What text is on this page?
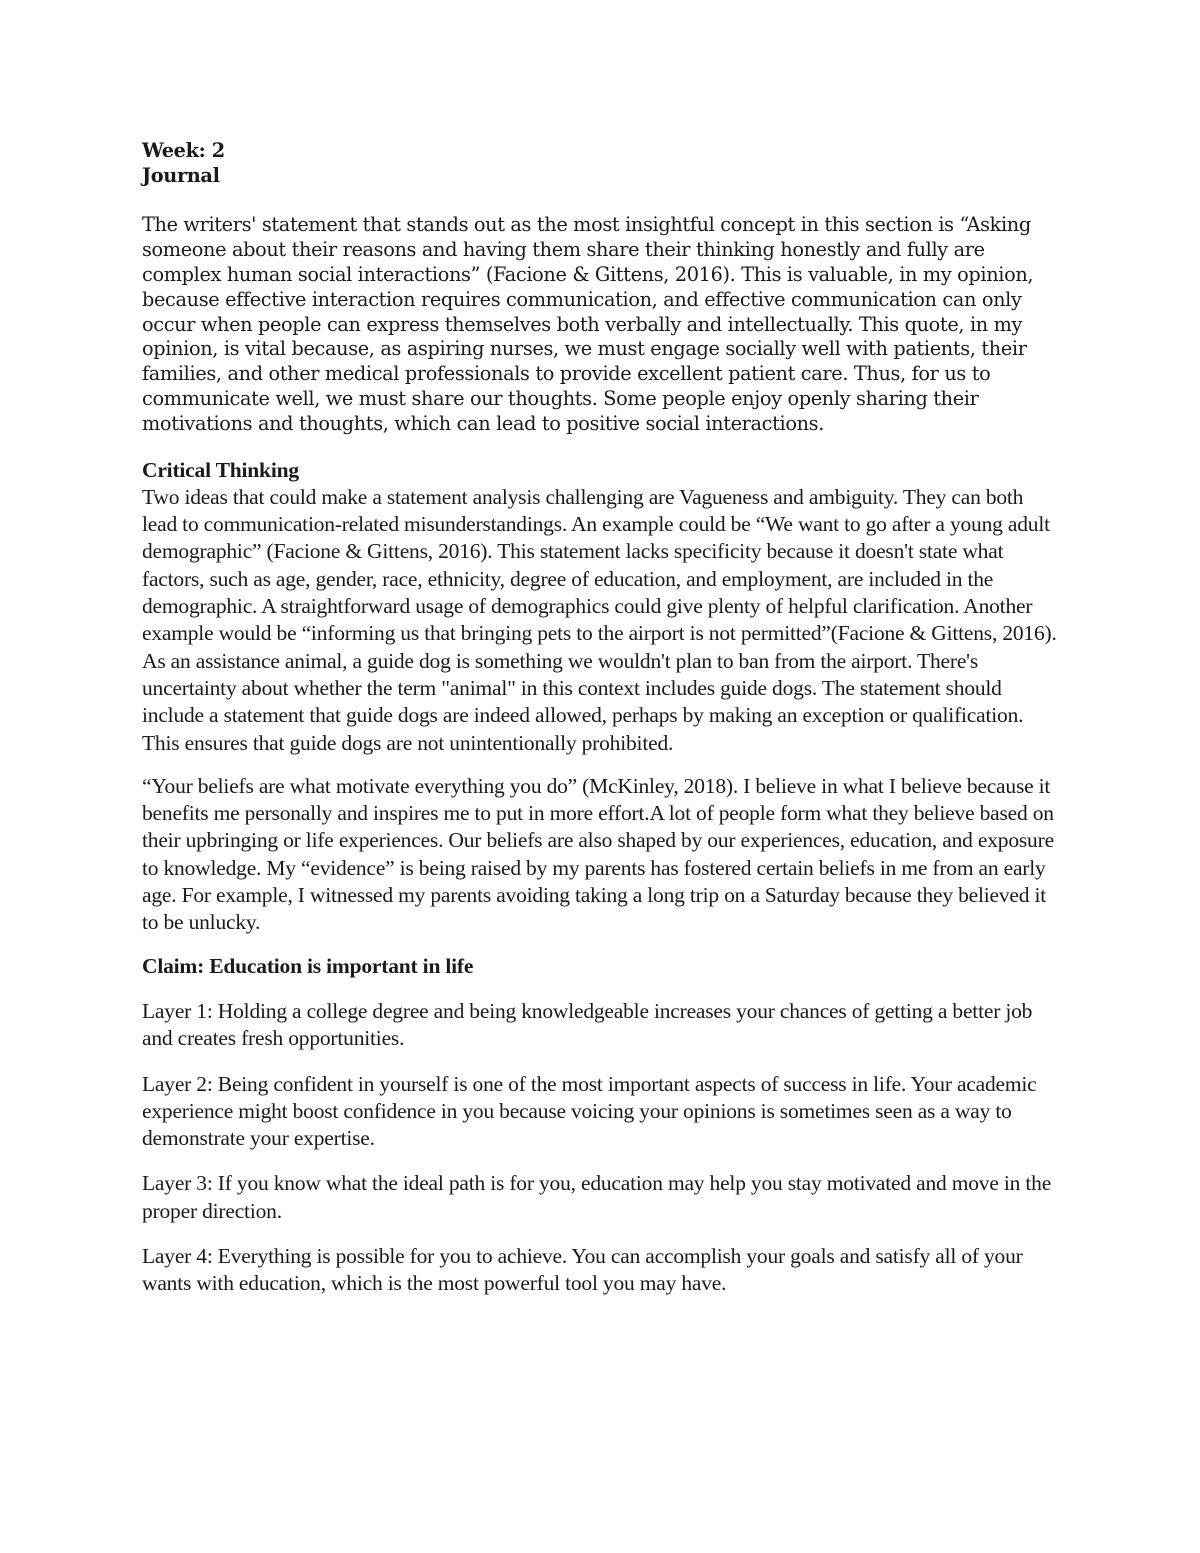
Week: 2

Journal

The writers' statement that stands out as the most insightful concept in this section is “Asking someone about their reasons and having them share their thinking honestly and fully are complex human social interactions” (Facione & Gittens, 2016). This is valuable, in my opinion, because effective interaction requires communication, and effective communication can only occur when people can express themselves both verbally and intellectually. This quote, in my opinion, is vital because, as aspiring nurses, we must engage socially well with patients, their families, and other medical professionals to provide excellent patient care. Thus, for us to communicate well, we must share our thoughts. Some people enjoy openly sharing their motivations and thoughts, which can lead to positive social interactions.

Critical Thinking

Two ideas that could make a statement analysis challenging are Vagueness and ambiguity. They can both lead to communication-related misunderstandings. An example could be “We want to go after a young adult demographic” (Facione & Gittens, 2016). This statement lacks specificity because it doesn't state what factors, such as age, gender, race, ethnicity, degree of education, and employment, are included in the demographic. A straightforward usage of demographics could give plenty of helpful clarification. Another example would be “informing us that bringing pets to the airport is not permitted”(Facione & Gittens, 2016). As an assistance animal, a guide dog is something we wouldn't plan to ban from the airport. There's uncertainty about whether the term "animal" in this context includes guide dogs. The statement should include a statement that guide dogs are indeed allowed, perhaps by making an exception or qualification. This ensures that guide dogs are not unintentionally prohibited.

“Your beliefs are what motivate everything you do” (McKinley, 2018). I believe in what I believe because it benefits me personally and inspires me to put in more effort.A lot of people form what they believe based on their upbringing or life experiences. Our beliefs are also shaped by our experiences, education, and exposure to knowledge. My “evidence” is being raised by my parents has fostered certain beliefs in me from an early age. For example, I witnessed my parents avoiding taking a long trip on a Saturday because they believed it to be unlucky.

Claim: Education is important in life

Layer 1: Holding a college degree and being knowledgeable increases your chances of getting a better job and creates fresh opportunities.

Layer 2: Being confident in yourself is one of the most important aspects of success in life. Your academic experience might boost confidence in you because voicing your opinions is sometimes seen as a way to demonstrate your expertise.

Layer 3: If you know what the ideal path is for you, education may help you stay motivated and move in the proper direction.

Layer 4: Everything is possible for you to achieve. You can accomplish your goals and satisfy all of your wants with education, which is the most powerful tool you may have.
